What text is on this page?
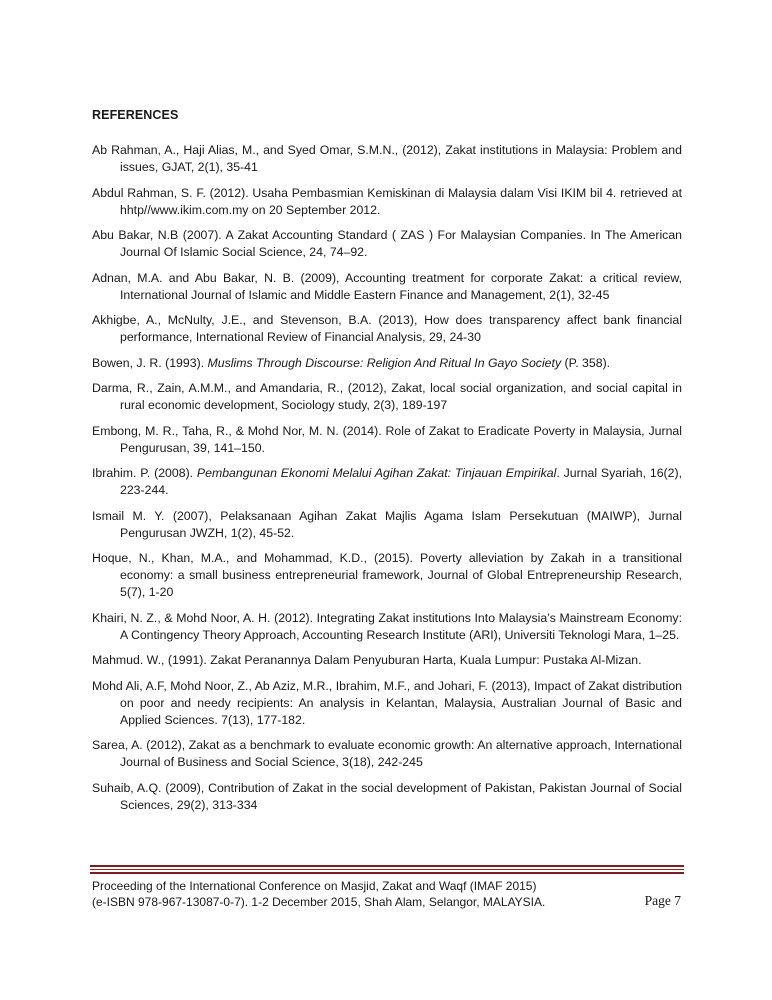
REFERENCES
Ab Rahman, A., Haji Alias, M., and Syed Omar, S.M.N., (2012), Zakat institutions in Malaysia: Problem and issues, GJAT, 2(1), 35-41
Abdul Rahman, S. F. (2012). Usaha Pembasmian Kemiskinan di Malaysia dalam Visi IKIM bil 4. retrieved at hhtp//www.ikim.com.my on 20 September 2012.
Abu Bakar, N.B (2007). A Zakat Accounting Standard ( ZAS ) For Malaysian Companies. In The American Journal Of Islamic Social Science, 24, 74–92.
Adnan, M.A. and Abu Bakar, N. B. (2009), Accounting treatment for corporate Zakat: a critical review, International Journal of Islamic and Middle Eastern Finance and Management, 2(1), 32-45
Akhigbe, A., McNulty, J.E., and Stevenson, B.A. (2013), How does transparency affect bank financial performance, International Review of Financial Analysis, 29, 24-30
Bowen, J. R. (1993). Muslims Through Discourse: Religion And Ritual In Gayo Society (P. 358).
Darma, R., Zain, A.M.M., and Amandaria, R., (2012), Zakat, local social organization, and social capital in rural economic development, Sociology study, 2(3), 189-197
Embong, M. R., Taha, R., & Mohd Nor, M. N. (2014). Role of Zakat to Eradicate Poverty in Malaysia, Jurnal Pengurusan, 39, 141–150.
Ibrahim. P. (2008). Pembangunan Ekonomi Melalui Agihan Zakat: Tinjauan Empirikal. Jurnal Syariah, 16(2), 223-244.
Ismail M. Y. (2007), Pelaksanaan Agihan Zakat Majlis Agama Islam Persekutuan (MAIWP), Jurnal Pengurusan JWZH, 1(2), 45-52.
Hoque, N., Khan, M.A., and Mohammad, K.D., (2015). Poverty alleviation by Zakah in a transitional economy: a small business entrepreneurial framework, Journal of Global Entrepreneurship Research, 5(7), 1-20
Khairi, N. Z., & Mohd Noor, A. H. (2012). Integrating Zakat institutions Into Malaysia’s Mainstream Economy: A Contingency Theory Approach, Accounting Research Institute (ARI), Universiti Teknologi Mara, 1–25.
Mahmud. W., (1991). Zakat Peranannya Dalam Penyuburan Harta, Kuala Lumpur: Pustaka Al-Mizan.
Mohd Ali, A.F, Mohd Noor, Z., Ab Aziz, M.R., Ibrahim, M.F., and Johari, F. (2013), Impact of Zakat distribution on poor and needy recipients: An analysis in Kelantan, Malaysia, Australian Journal of Basic and Applied Sciences. 7(13), 177-182.
Sarea, A. (2012), Zakat as a benchmark to evaluate economic growth: An alternative approach, International Journal of Business and Social Science, 3(18), 242-245
Suhaib, A.Q. (2009), Contribution of Zakat in the social development of Pakistan, Pakistan Journal of Social Sciences, 29(2), 313-334
Proceeding of the International Conference on Masjid, Zakat and Waqf (IMAF 2015)
(e-ISBN 978-967-13087-0-7). 1-2 December 2015, Shah Alam, Selangor, MALAYSIA.	Page 7
